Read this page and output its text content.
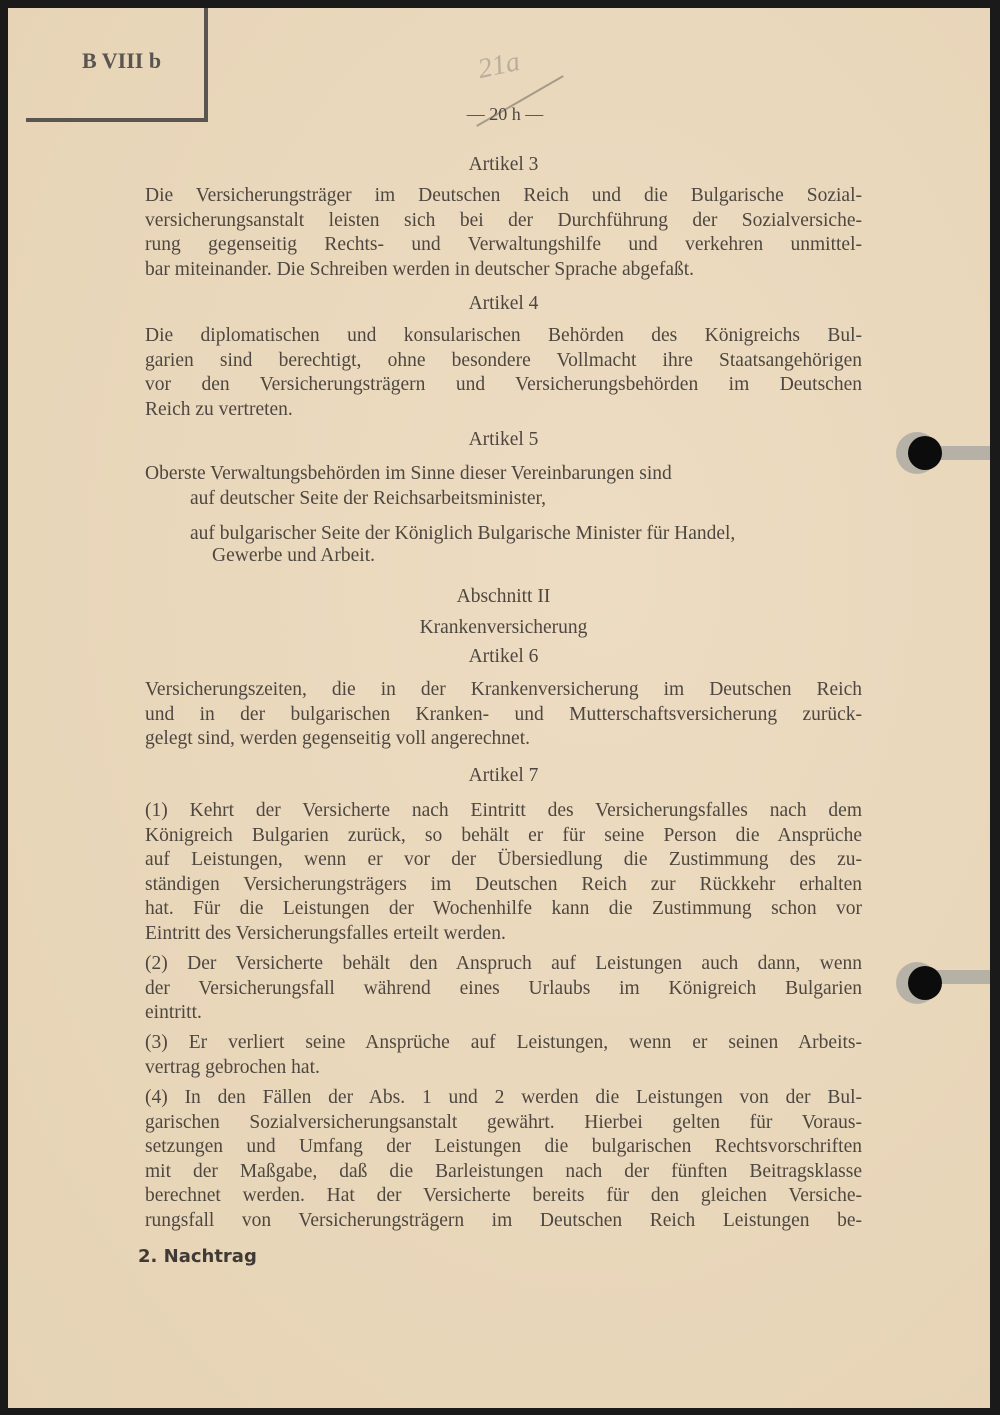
B VIII b	21a
— 20 h —
2. Nachtrag
Artikel 3
Die Versicherungsträger im Deutschen Reich und die Bulgarische Sozial-
versicherungsanstalt leisten sich bei der Durchführung der Sozialversiche-
rung gegenseitig Rechts- und Verwaltungshilfe und verkehren unmittel-
bar miteinander. Die Schreiben werden in deutscher Sprache abgefaßt.
Artikel 4
Die diplomatischen und konsularischen Behörden des Königreichs Bul-
garien sind berechtigt, ohne besondere Vollmacht ihre Staatsangehörigen
vor den Versicherungsträgern und Versicherungsbehörden im Deutschen
Reich zu vertreten.
Artikel 5
Oberste Verwaltungsbehörden im Sinne dieser Vereinbarungen sind
auf deutscher Seite der Reichsarbeitsminister,
auf bulgarischer Seite der Königlich Bulgarische Minister für Handel,
Gewerbe und Arbeit.
Abschnitt II
Krankenversicherung
Artikel 6
Versicherungszeiten, die in der Krankenversicherung im Deutschen Reich
und in der bulgarischen Kranken- und Mutterschaftsversicherung zurück-
gelegt sind, werden gegenseitig voll angerechnet.
Artikel 7
(1) Kehrt der Versicherte nach Eintritt des Versicherungsfalles nach dem
Königreich Bulgarien zurück, so behält er für seine Person die Ansprüche
auf Leistungen, wenn er vor der Übersiedlung die Zustimmung des zu-
ständigen Versicherungsträgers im Deutschen Reich zur Rückkehr erhalten
hat. Für die Leistungen der Wochenhilfe kann die Zustimmung schon vor
Eintritt des Versicherungsfalles erteilt werden.
(2) Der Versicherte behält den Anspruch auf Leistungen auch dann, wenn
der Versicherungsfall während eines Urlaubs im Königreich Bulgarien
eintritt.
(3) Er verliert seine Ansprüche auf Leistungen, wenn er seinen Arbeits-
vertrag gebrochen hat.
(4) In den Fällen der Abs. 1 und 2 werden die Leistungen von der Bul-
garischen Sozialversicherungsanstalt gewährt. Hierbei gelten für Voraus-
setzungen und Umfang der Leistungen die bulgarischen Rechtsvorschriften
mit der Maßgabe, daß die Barleistungen nach der fünften Beitragsklasse
berechnet werden. Hat der Versicherte bereits für den gleichen Versiche-
rungsfall von Versicherungsträgern im Deutschen Reich Leistungen be-
